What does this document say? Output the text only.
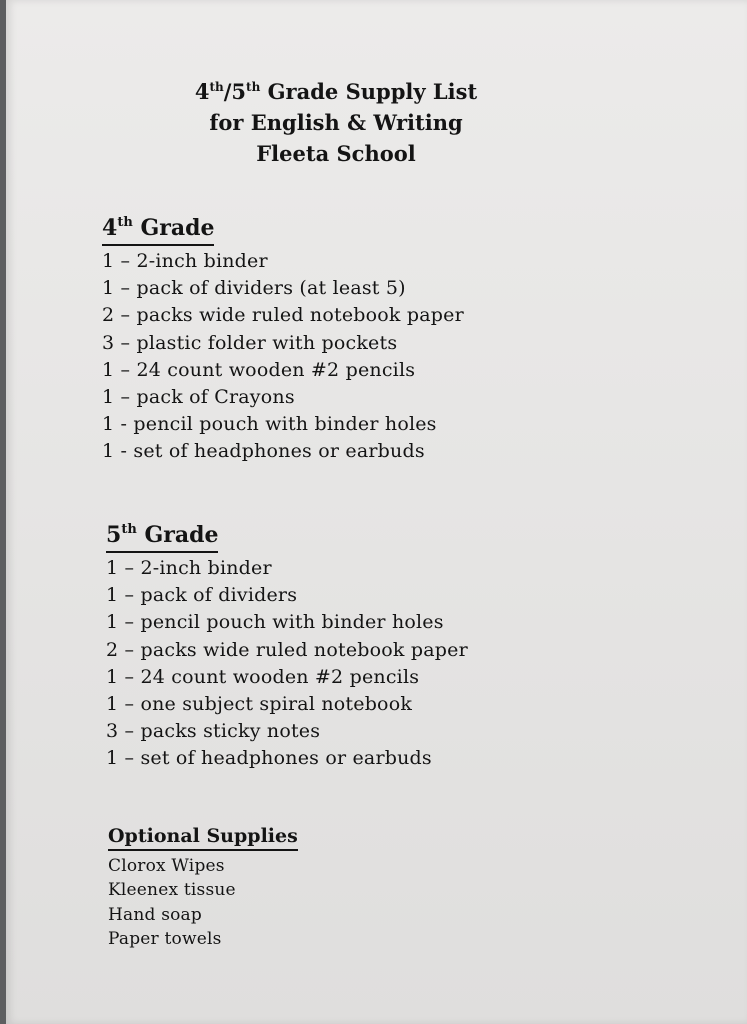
4th/5th Grade Supply List
for English & Writing
Fleeta School
4th Grade
1 – 2-inch binder
1 – pack of dividers (at least 5)
2 – packs wide ruled notebook paper
3 – plastic folder with pockets
1 – 24 count wooden #2 pencils
1 – pack of Crayons
1 - pencil pouch with binder holes
1 - set of headphones or earbuds
5th Grade
1 – 2-inch binder
1 – pack of dividers
1 – pencil pouch with binder holes
2 – packs wide ruled notebook paper
1 – 24 count wooden #2 pencils
1 – one subject spiral notebook
3 – packs sticky notes
1 – set of headphones or earbuds
Optional Supplies
Clorox Wipes
Kleenex tissue
Hand soap
Paper towels
